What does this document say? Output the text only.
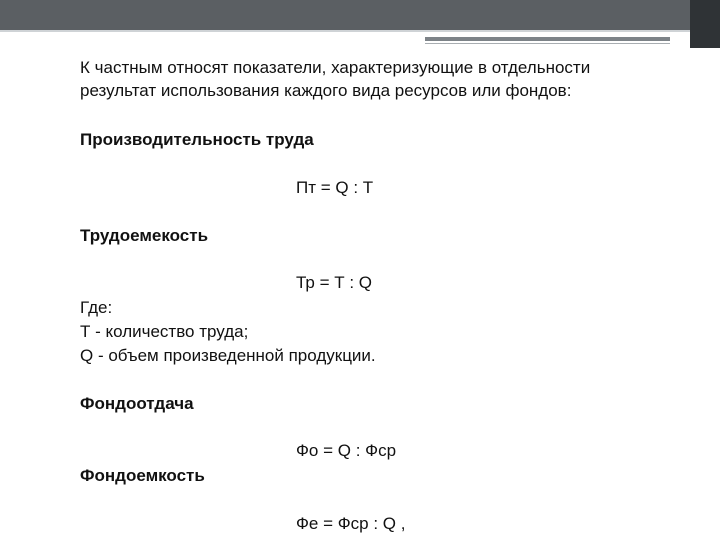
К частным относят показатели, характеризующие в отдельности
результат использования каждого вида ресурсов или фондов:
Производительность труда
Пт = Q : Т
Трудоемекость
Тр = Т : Q
Где:
Т - количество труда;
Q - объем произведенной продукции.
Фондоотдача
Фо = Q : Фср
Фондоемкость
Фе = Фср : Q ,
